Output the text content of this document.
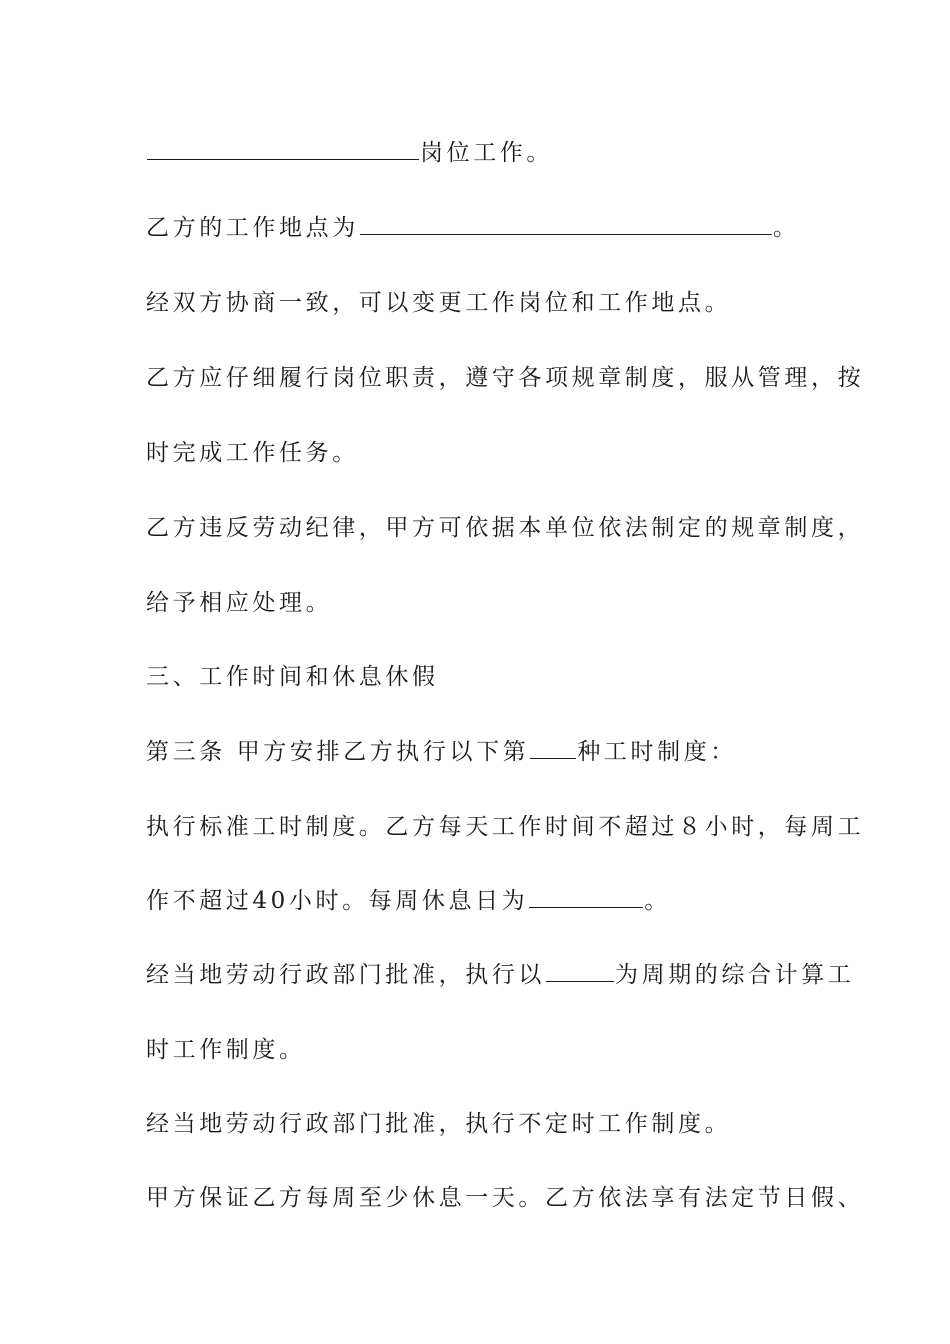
岗位工作。
乙方的工作地点为	。
经双方协商一致，可以变更工作岗位和工作地点。
乙方应仔细履行岗位职责，遵守各项规章制度，服从管理，按
时完成工作任务。
乙方违反劳动纪律，甲方可依据本单位依法制定的规章制度，
给予相应处理。
三、工作时间和休息休假
第三条 甲方安排乙方执行以下第 种工时制度：
执行标准工时制度。乙方每天工作时间不超过８小时，每周工
作不超过40小时。每周休息日为	。
经当地劳动行政部门批准，执行以	为周期的综合计算工
时工作制度。
经当地劳动行政部门批准，执行不定时工作制度。
甲方保证乙方每周至少休息一天。乙方依法享有法定节日假、
